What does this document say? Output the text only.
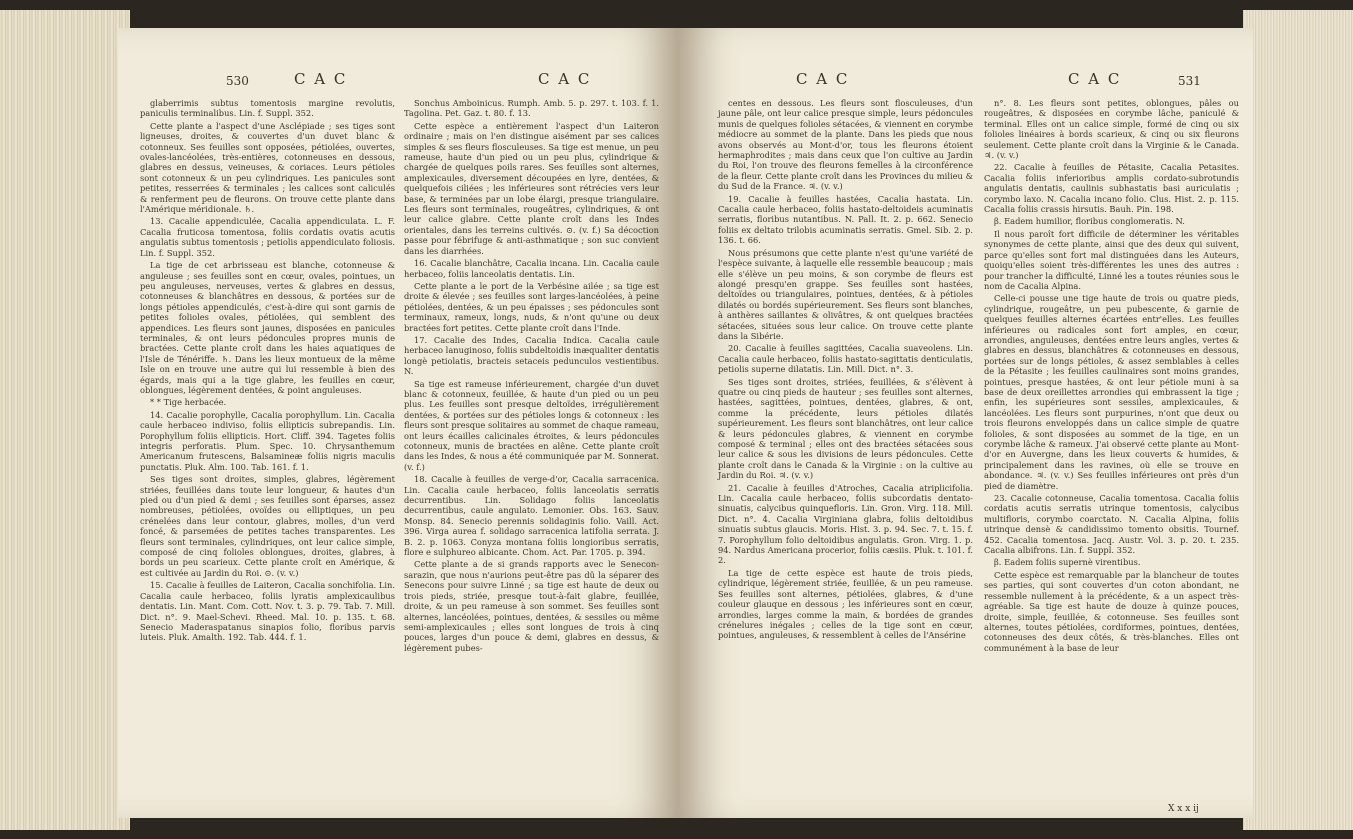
530	C A C	C A C

glaberrimis subtus tomentosis margine revolutis, paniculis terminalibus. Lin. f. Suppl. 352.

Cette plante a l'aspect d'une Asclépiade ; ses tiges sont ligneuses, droites, & couvertes d'un duvet blanc & cotonneux. Ses feuilles sont opposées, pétiolées, ouvertes, ovales-lancéolées, très-entières, cotonneuses en dessous, glabres en dessus, veineuses, & coriaces. Leurs pétioles sont cotonneux & un peu cylindriques. Les panicules sont petites, resserrées & terminales ; les calices sont caliculés & renferment peu de fleurons. On trouve cette plante dans l'Amérique méridionale. ♄.

13. Cacalie appendiculée, Cacalia appendiculata. L. F. Cacalia fruticosa tomentosa, foliis cordatis ovatis acutis angulatis subtus tomentosis ; petiolis appendiculato foliosis. Lin. f. Suppl. 352.

La tige de cet arbrisseau est blanche, cotonneuse & anguleuse ; ses feuilles sont en cœur, ovales, pointues, un peu anguleuses, nerveuses, vertes & glabres en dessus, cotonneuses & blanchâtres en dessous, & portées sur de longs pétioles appendiculés, c'est-à-dire qui sont garnis de petites folioles ovales, pétiolées, qui semblent des appendices. Les fleurs sont jaunes, disposées en panicules terminales, & ont leurs pédoncules propres munis de bractées. Cette plante croît dans les haies aquatiques de l'Isle de Ténériffe. ♄. Dans les lieux montueux de la même Isle on en trouve une autre qui lui ressemble à bien des égards, mais qui a la tige glabre, les feuilles en cœur, oblongues, légèrement dentées, & point anguleuses.

* * Tige herbacée.

14. Cacalie porophylle, Cacalia porophyllum. Lin. Cacalia caule herbaceo indiviso, foliis ellipticis subrepandis. Lin. Porophyllum foliis ellipticis. Hort. Cliff. 394. Tagetes foliis integris perforatis. Plum. Spec. 10. Chrysanthemum Americanum frutescens, Balsamineæ foliis nigris maculis punctatis. Pluk. Alm. 100. Tab. 161. f. 1.

Ses tiges sont droites, simples, glabres, légèrement striées, feuillées dans toute leur longueur, & hautes d'un pied ou d'un pied & demi ; ses feuilles sont éparses, assez nombreuses, pétiolées, ovoïdes ou elliptiques, un peu crénelées dans leur contour, glabres, molles, d'un verd foncé, & parsemées de petites taches transparentes. Les fleurs sont terminales, cylindriques, ont leur calice simple, composé de cinq folioles oblongues, droites, glabres, à bords un peu scarieux. Cette plante croît en Amérique, & est cultivée au Jardin du Roi. ⊙. (v. v.)

15. Cacalie à feuilles de Laiteron, Cacalia sonchifolia. Lin. Cacalia caule herbaceo, foliis lyratis amplexicaulibus dentatis. Lin. Mant. Com. Cott. Nov. t. 3. p. 79. Tab. 7. Mill. Dict. n°. 9. Mael-Schevi. Rheed. Mal. 10. p. 135. t. 68. Senecio Maderaspatanus sinapios folio, floribus parvis luteis. Pluk. Amalth. 192. Tab. 444. f. 1.

Sonchus Amboinicus. Rumph. Amb. 5. p. 297. t. 103. f. 1. Tagolina. Pet. Gaz. t. 80. f. 13.

Cette espèce a entièrement l'aspect d'un Laiteron ordinaire ; mais on l'en distingue aisément par ses calices simples & ses fleurs flosculeuses. Sa tige est menue, un peu rameuse, haute d'un pied ou un peu plus, cylindrique & chargée de quelques poils rares. Ses feuilles sont alternes, amplexicaules, diversement découpées en lyre, dentées, & quelquefois ciliées ; les inférieures sont rétrécies vers leur base, & terminées par un lobe élargi, presque triangulaire. Les fleurs sont terminales, rougeâtres, cylindriques, & ont leur calice glabre. Cette plante croît dans les Indes orientales, dans les terreins cultivés. ⊙. (v. f.) Sa décoction passe pour fébrifuge & anti-asthmatique ; son suc convient dans les diarrhées.

16. Cacalie blanchâtre, Cacalia incana. Lin. Cacalia caule herbaceo, foliis lanceolatis dentatis. Lin.

Cette plante a le port de la Verbésine ailée ; sa tige est droite & élevée ; ses feuilles sont larges-lancéolées, à peine pétiolées, dentées, & un peu épaisses ; ses pédoncules sont terminaux, rameux, longs, nuds, & n'ont qu'une ou deux bractées fort petites. Cette plante croît dans l'Inde.

17. Cacalie des Indes, Cacalia Indica. Cacalia caule herbaceo lanuginoso, foliis subdeltoidis inæqualiter dentatis longè petiolatis, bracteis setaceis pedunculos vestientibus. N.

Sa tige est rameuse inférieurement, chargée d'un duvet blanc & cotonneux, feuillée, & haute d'un pied ou un peu plus. Les feuilles sont presque deltoïdes, irrégulièrement dentées, & portées sur des pétioles longs & cotonneux : les fleurs sont presque solitaires au sommet de chaque rameau, ont leurs écailles calicinales étroites, & leurs pédoncules cotonneux, munis de bractées en alêne. Cette plante croît dans les Indes, & nous a été communiquée par M. Sonnerat. (v. f.)

18. Cacalie à feuilles de verge-d'or, Cacalia sarracenica. Lin. Cacalia caule herbaceo, foliis lanceolatis serratis decurrentibus. Lin. Solidago foliis lanceolatis decurrentibus, caule angulato. Lemonier. Obs. 163. Sauv. Monsp. 84. Senecio perennis solidaginis folio. Vaill. Act. 396. Virga aurea f. solidago sarracenica latifolia serrata. J. B. 2. p. 1063. Conyza montana foliis longioribus serratis, flore e sulphureo albicante. Chom. Act. Par. 1705. p. 394.

Cette plante a de si grands rapports avec le Senecon-sarazin, que nous n'aurions peut-être pas dû la séparer des Senecons pour suivre Linné ; sa tige est haute de deux ou trois pieds, striée, presque tout-à-fait glabre, feuillée, droite, & un peu rameuse à son sommet. Ses feuilles sont alternes, lancéolées, pointues, dentées, & sessiles ou même semi-amplexicaules ; elles sont longues de trois à cinq pouces, larges d'un pouce & demi, glabres en dessus, & légèrement pubes-

C A C	C A C	531

centes en dessous. Les fleurs sont flosculeuses, d'un jaune pâle, ont leur calice presque simple, leurs pédoncules munis de quelques folioles sétacées, & viennent en corymbe médiocre au sommet de la plante. Dans les pieds que nous avons observés au Mont-d'or, tous les fleurons étoient hermaphrodites ; mais dans ceux que l'on cultive au Jardin du Roi, l'on trouve des fleurons femelles à la circonférence de la fleur. Cette plante croît dans les Provinces du milieu & du Sud de la France. ♃. (v. v.)

19. Cacalie à feuilles hastées, Cacalia hastata. Lin. Cacalia caule herbaceo, foliis hastato-deltoideis acuminatis serratis, floribus nutantibus. N. Pall. It. 2. p. 662. Senecio foliis ex deltato trilobis acuminatis serratis. Gmel. Sib. 2. p. 136. t. 66.

Nous présumons que cette plante n'est qu'une variété de l'espèce suivante, à laquelle elle ressemble beaucoup ; mais elle s'élève un peu moins, & son corymbe de fleurs est alongé presqu'en grappe. Ses feuilles sont hastées, deltoïdes ou triangulaires, pointues, dentées, & à pétioles dilatés ou bordés supérieurement. Ses fleurs sont blanches, à anthères saillantes & olivâtres, & ont quelques bractées sétacées, situées sous leur calice. On trouve cette plante dans la Sibérie.

20. Cacalie à feuilles sagittées, Cacalia suaveolens. Lin. Cacalia caule herbaceo, foliis hastato-sagittatis denticulatis, petiolis superne dilatatis. Lin. Mill. Dict. n°. 3.

Ses tiges sont droites, striées, feuillées, & s'élèvent à quatre ou cinq pieds de hauteur ; ses feuilles sont alternes, hastées, sagittées, pointues, dentées, glabres, & ont, comme la précédente, leurs pétioles dilatés supérieurement. Les fleurs sont blanchâtres, ont leur calice & leurs pédoncules glabres, & viennent en corymbe composé & terminal ; elles ont des bractées sétacées sous leur calice & sous les divisions de leurs pédoncules. Cette plante croît dans le Canada & la Virginie : on la cultive au Jardin du Roi. ♃. (v. v.)

21. Cacalie à feuilles d'Atroches, Cacalia atriplicifolia. Lin. Cacalia caule herbaceo, foliis subcordatis dentato-sinuatis, calycibus quinquefloris. Lin. Gron. Virg. 118. Mill. Dict. n°. 4. Cacalia Virginiana glabra, foliis deltoidibus sinuatis subtus glaucis. Moris. Hist. 3. p. 94. Sec. 7. t. 15. f. 7. Porophyllum folio deltoidibus angulatis. Gron. Virg. 1. p. 94. Nardus Americana procerior, foliis cæsiis. Pluk. t. 101. f. 2.

La tige de cette espèce est haute de trois pieds, cylindrique, légèrement striée, feuillée, & un peu rameuse. Ses feuilles sont alternes, pétiolées, glabres, & d'une couleur glauque en dessous ; les inférieures sont en cœur, arrondies, larges comme la main, & bordées de grandes crénelures inégales ; celles de la tige sont en cœur, pointues, anguleuses, & ressemblent à celles de l'Ansérine

n°. 8. Les fleurs sont petites, oblongues, pâles ou rougeâtres, & disposées en corymbe lâche, paniculé & terminal. Elles ont un calice simple, formé de cinq ou six folioles linéaires à bords scarieux, & cinq ou six fleurons seulement. Cette plante croît dans la Virginie & le Canada. ♃. (v. v.)

22. Cacalie à feuilles de Pétasite, Cacalia Petasites. Cacalia foliis inferioribus amplis cordato-subrotundis angulatis dentatis, caulinis subhastatis basi auriculatis ; corymbo laxo. N. Cacalia incano folio. Clus. Hist. 2. p. 115. Cacalia foliis crassis hirsutis. Bauh. Pin. 198.

β. Eadem humilior, floribus conglomeratis. N.

Il nous paroît fort difficile de déterminer les véritables synonymes de cette plante, ainsi que des deux qui suivent, parce qu'elles sont fort mal distinguées dans les Auteurs, quoiqu'elles soient très-différentes les unes des autres : pour trancher la difficulté, Linné les a toutes réunies sous le nom de Cacalia Alpina.

Celle-ci pousse une tige haute de trois ou quatre pieds, cylindrique, rougeâtre, un peu pubescente, & garnie de quelques feuilles alternes écartées entr'elles. Les feuilles inférieures ou radicales sont fort amples, en cœur, arrondies, anguleuses, dentées entre leurs angles, vertes & glabres en dessus, blanchâtres & cotonneuses en dessous, portées sur de longs pétioles, & assez semblables à celles de la Pétasite ; les feuilles caulinaires sont moins grandes, pointues, presque hastées, & ont leur pétiole muni à sa base de deux oreillettes arrondies qui embrassent la tige ; enfin, les supérieures sont sessiles, amplexicaules, & lancéolées. Les fleurs sont purpurines, n'ont que deux ou trois fleurons enveloppés dans un calice simple de quatre folioles, & sont disposées au sommet de la tige, en un corymbe lâche & rameux. J'ai observé cette plante au Mont-d'or en Auvergne, dans les lieux couverts & humides, & principalement dans les ravines, où elle se trouve en abondance. ♃. (v. v.) Ses feuilles inférieures ont près d'un pied de diamètre.

23. Cacalie cotonneuse, Cacalia tomentosa. Cacalia foliis cordatis acutis serratis utrinque tomentosis, calycibus multifloris, corymbo coarctato. N. Cacalia Alpina, foliis utrinque densè & candidissimo tomento obsitis. Tournef. 452. Cacalia tomentosa. Jacq. Austr. Vol. 3. p. 20. t. 235. Cacalia albifrons. Lin. f. Suppl. 352.

β. Eadem foliis supernè virentibus.

Cette espèce est remarquable par la blancheur de toutes ses parties, qui sont couvertes d'un coton abondant, ne ressemble nullement à la précédente, & a un aspect très-agréable. Sa tige est haute de douze à quinze pouces, droite, simple, feuillée, & cotonneuse. Ses feuilles sont alternes, toutes pétiolées, cordiformes, pointues, dentées, cotonneuses des deux côtés, & très-blanches. Elles ont communément à la base de leur

X x x ij
